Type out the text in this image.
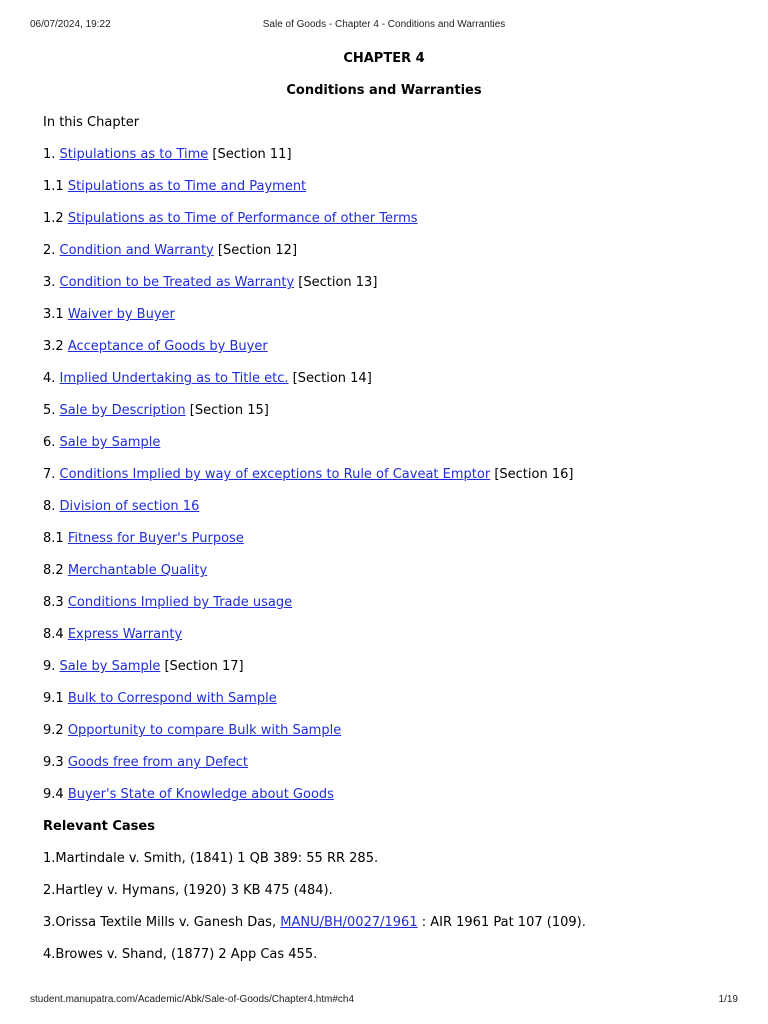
06/07/2024, 19:22	Sale of Goods - Chapter 4 - Conditions and Warranties
CHAPTER 4
Conditions and Warranties
In this Chapter
1. Stipulations as to Time [Section 11]
1.1 Stipulations as to Time and Payment
1.2 Stipulations as to Time of Performance of other Terms
2. Condition and Warranty [Section 12]
3. Condition to be Treated as Warranty [Section 13]
3.1 Waiver by Buyer
3.2 Acceptance of Goods by Buyer
4. Implied Undertaking as to Title etc. [Section 14]
5. Sale by Description [Section 15]
6. Sale by Sample
7. Conditions Implied by way of exceptions to Rule of Caveat Emptor [Section 16]
8. Division of section 16
8.1 Fitness for Buyer's Purpose
8.2 Merchantable Quality
8.3 Conditions Implied by Trade usage
8.4 Express Warranty
9. Sale by Sample [Section 17]
9.1 Bulk to Correspond with Sample
9.2 Opportunity to compare Bulk with Sample
9.3 Goods free from any Defect
9.4 Buyer's State of Knowledge about Goods
Relevant Cases
1.Martindale v. Smith, (1841) 1 QB 389: 55 RR 285.
2.Hartley v. Hymans, (1920) 3 KB 475 (484).
3.Orissa Textile Mills v. Ganesh Das, MANU/BH/0027/1961 : AIR 1961 Pat 107 (109).
4.Browes v. Shand, (1877) 2 App Cas 455.
student.manupatra.com/Academic/Abk/Sale-of-Goods/Chapter4.htm#ch4	1/19
